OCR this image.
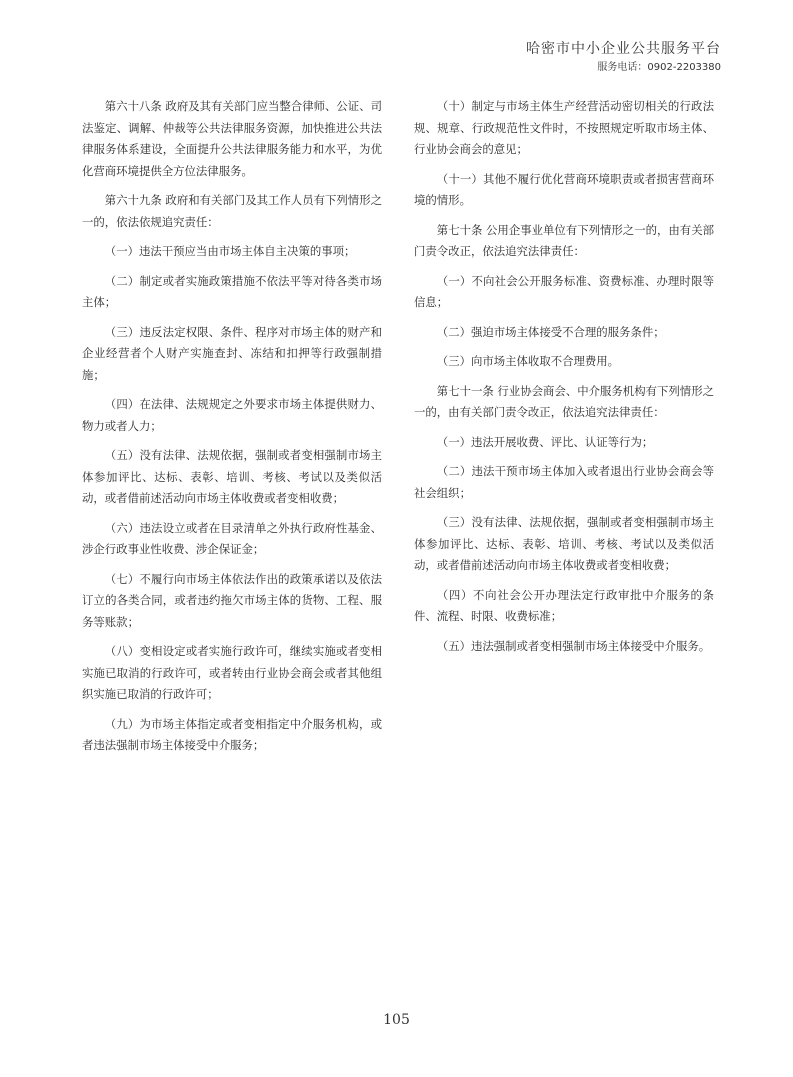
哈密市中小企业公共服务平台
服务电话：0902-2203380

第六十八条 政府及其有关部门应当整合律师、公证、司法鉴定、调解、仲裁等公共法律服务资源，加快推进公共法律服务体系建设，全面提升公共法律服务能力和水平，为优化营商环境提供全方位法律服务。

第六十九条 政府和有关部门及其工作人员有下列情形之一的，依法依规追究责任：

（一）违法干预应当由市场主体自主决策的事项；

（二）制定或者实施政策措施不依法平等对待各类市场主体；

（三）违反法定权限、条件、程序对市场主体的财产和企业经营者个人财产实施查封、冻结和扣押等行政强制措施；

（四）在法律、法规规定之外要求市场主体提供财力、物力或者人力；

（五）没有法律、法规依据，强制或者变相强制市场主体参加评比、达标、表彰、培训、考核、考试以及类似活动，或者借前述活动向市场主体收费或者变相收费；

（六）违法设立或者在目录清单之外执行政府性基金、涉企行政事业性收费、涉企保证金；

（七）不履行向市场主体依法作出的政策承诺以及依法订立的各类合同，或者违约拖欠市场主体的货物、工程、服务等账款；

（八）变相设定或者实施行政许可，继续实施或者变相实施已取消的行政许可，或者转由行业协会商会或者其他组织实施已取消的行政许可；

（九）为市场主体指定或者变相指定中介服务机构，或者违法强制市场主体接受中介服务；

（十）制定与市场主体生产经营活动密切相关的行政法规、规章、行政规范性文件时，不按照规定听取市场主体、行业协会商会的意见；

（十一）其他不履行优化营商环境职责或者损害营商环境的情形。

第七十条 公用企事业单位有下列情形之一的，由有关部门责令改正，依法追究法律责任：

（一）不向社会公开服务标准、资费标准、办理时限等信息；

（二）强迫市场主体接受不合理的服务条件；

（三）向市场主体收取不合理费用。

第七十一条 行业协会商会、中介服务机构有下列情形之一的，由有关部门责令改正，依法追究法律责任：

（一）违法开展收费、评比、认证等行为；

（二）违法干预市场主体加入或者退出行业协会商会等社会组织；

（三）没有法律、法规依据，强制或者变相强制市场主体参加评比、达标、表彰、培训、考核、考试以及类似活动，或者借前述活动向市场主体收费或者变相收费；

（四）不向社会公开办理法定行政审批中介服务的条件、流程、时限、收费标准；

（五）违法强制或者变相强制市场主体接受中介服务。

105
